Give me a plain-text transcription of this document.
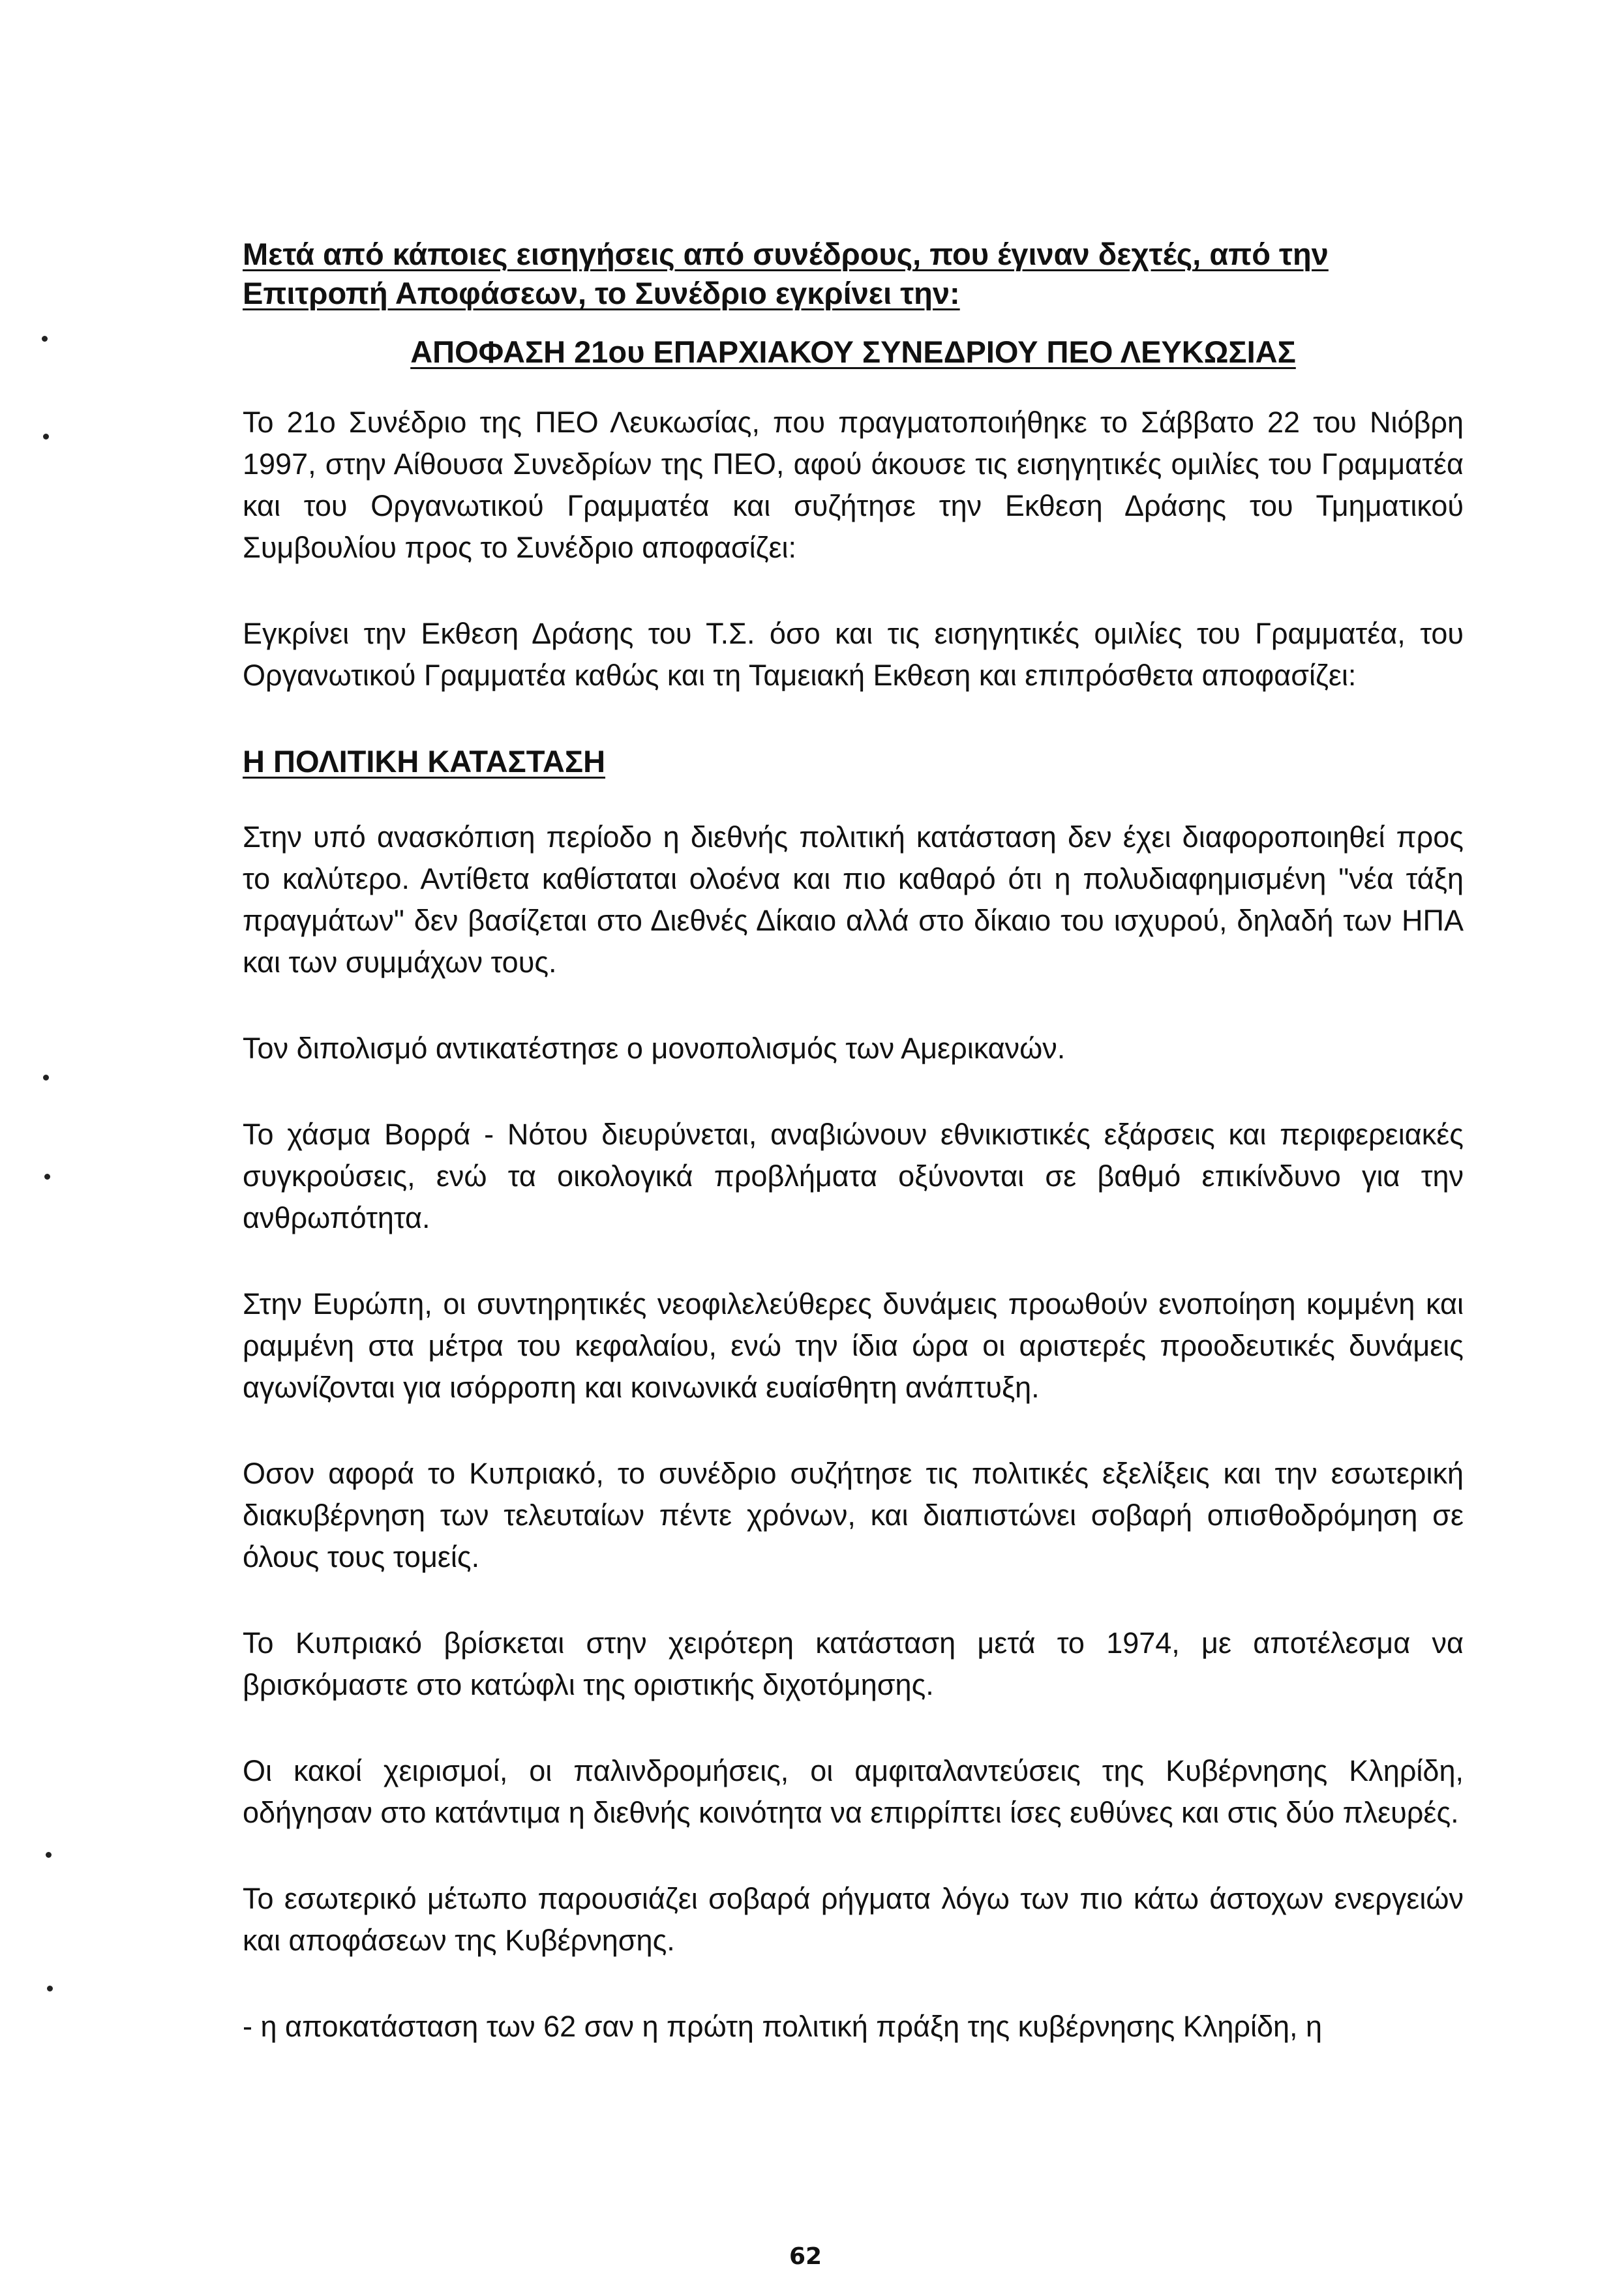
Μετά από κάποιες εισηγήσεις από συνέδρους, που έγιναν δεχτές, από την Επιτροπή Αποφάσεων, το Συνέδριο εγκρίνει την:
ΑΠΟΦΑΣΗ 21ου ΕΠΑΡΧΙΑΚΟΥ ΣΥΝΕΔΡΙΟΥ ΠΕΟ ΛΕΥΚΩΣΙΑΣ

Το 21ο Συνέδριο της ΠΕΟ Λευκωσίας, που πραγματοποιήθηκε το Σάββατο 22 του Νιόβρη 1997, στην Αίθουσα Συνεδρίων της ΠΕΟ, αφού άκουσε τις εισηγητικές ομιλίες του Γραμματέα και του Οργανωτικού Γραμματέα και συζήτησε την Εκθεση Δράσης του Τμηματικού Συμβουλίου προς το Συνέδριο αποφασίζει:

Εγκρίνει την Εκθεση Δράσης του Τ.Σ. όσο και τις εισηγητικές ομιλίες του Γραμματέα, του Οργανωτικού Γραμματέα καθώς και τη Ταμειακή Εκθεση και επιπρόσθετα αποφασίζει:

Η ΠΟΛΙΤΙΚΗ ΚΑΤΑΣΤΑΣΗ

Στην υπό ανασκόπιση περίοδο η διεθνής πολιτική κατάσταση δεν έχει διαφοροποιηθεί προς το καλύτερο. Αντίθετα καθίσταται ολοένα και πιο καθαρό ότι η πολυδιαφημισμένη "νέα τάξη πραγμάτων" δεν βασίζεται στο Διεθνές Δίκαιο αλλά στο δίκαιο του ισχυρού, δηλαδή των ΗΠΑ και των συμμάχων τους.

Τον διπολισμό αντικατέστησε ο μονοπολισμός των Αμερικανών.

Το χάσμα Βορρά - Νότου διευρύνεται, αναβιώνουν εθνικιστικές εξάρσεις και περιφερειακές συγκρούσεις, ενώ τα οικολογικά προβλήματα οξύνονται σε βαθμό επικίνδυνο για την ανθρωπότητα.

Στην Ευρώπη, οι συντηρητικές νεοφιλελεύθερες δυνάμεις προωθούν ενοποίηση κομμένη και ραμμένη στα μέτρα του κεφαλαίου, ενώ την ίδια ώρα οι αριστερές προοδευτικές δυνάμεις αγωνίζονται για ισόρροπη και κοινωνικά ευαίσθητη ανάπτυξη.

Οσον αφορά το Κυπριακό, το συνέδριο συζήτησε τις πολιτικές εξελίξεις και την εσωτερική διακυβέρνηση των τελευταίων πέντε χρόνων, και διαπιστώνει σοβαρή οπισθοδρόμηση σε όλους τους τομείς.

Το Κυπριακό βρίσκεται στην χειρότερη κατάσταση μετά το 1974, με αποτέλεσμα να βρισκόμαστε στο κατώφλι της οριστικής διχοτόμησης.

Οι κακοί χειρισμοί, οι παλινδρομήσεις, οι αμφιταλαντεύσεις της Κυβέρνησης Κληρίδη, οδήγησαν στο κατάντιμα η διεθνής κοινότητα να επιρρίπτει ίσες ευθύνες και στις δύο πλευρές.

Το εσωτερικό μέτωπο παρουσιάζει σοβαρά ρήγματα λόγω των πιο κάτω άστοχων ενεργειών και αποφάσεων της Κυβέρνησης.

- η αποκατάσταση των 62 σαν η πρώτη πολιτική πράξη της κυβέρνησης Κληρίδη, η

62
